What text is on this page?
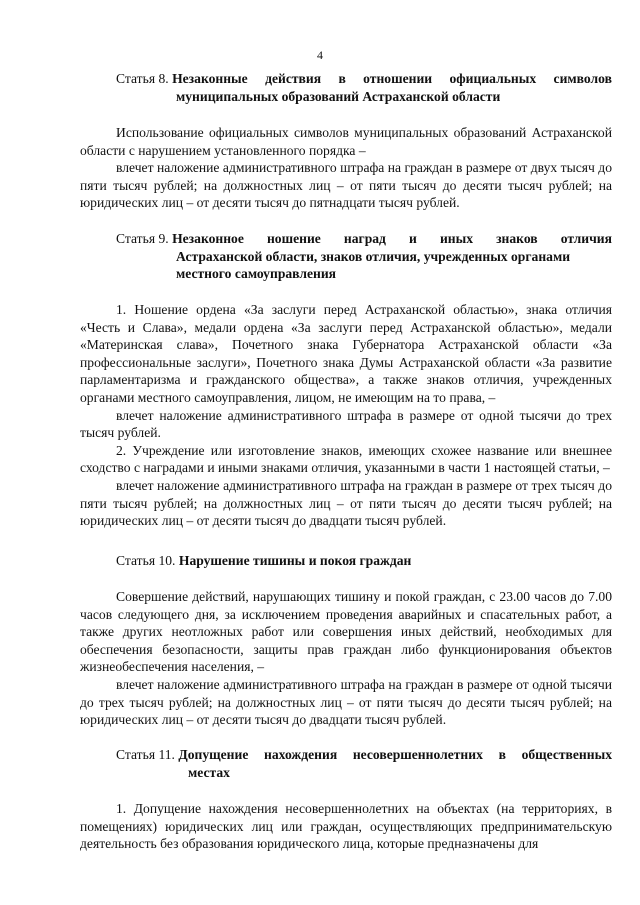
4
Статья 8.
Незаконные действия в отношении официальных символов
муниципальных образований Астраханской области

Использование официальных символов муниципальных образований Астраханской области с нарушением установленного порядка –

влечет наложение административного штрафа на граждан в размере от двух тысяч до пяти тысяч рублей; на должностных лиц – от пяти тысяч до десяти тысяч рублей; на юридических лиц – от десяти тысяч до пятнадцати тысяч рублей.

Статья 9.
Незаконное ношение наград и иных знаков отличия
Астраханской области, знаков отличия, учрежденных органами
местного самоуправления

1. Ношение ордена «За заслуги перед Астраханской областью», знака отличия «Честь и Слава», медали ордена «За заслуги перед Астраханской областью», медали «Материнская слава», Почетного знака Губернатора Астраханской области «За профессиональные заслуги», Почетного знака Думы Астраханской области «За развитие парламентаризма и гражданского общества», а также знаков отличия, учрежденных органами местного самоуправления, лицом, не имеющим на то права, –

влечет наложение административного штрафа в размере от одной тысячи до трех тысяч рублей.

2. Учреждение или изготовление знаков, имеющих схожее название или внешнее сходство с наградами и иными знаками отличия, указанными в части 1 настоящей статьи, –

влечет наложение административного штрафа на граждан в размере от трех тысяч до пяти тысяч рублей; на должностных лиц – от пяти тысяч до десяти тысяч рублей; на юридических лиц – от десяти тысяч до двадцати тысяч рублей.

Статья 10. Нарушение тишины и покоя граждан

Совершение действий, нарушающих тишину и покой граждан, с 23.00 часов до 7.00 часов следующего дня, за исключением проведения аварийных и спасательных работ, а также других неотложных работ или совершения иных действий, необходимых для обеспечения безопасности, защиты прав граждан либо функционирования объектов жизнеобеспечения населения, –

влечет наложение административного штрафа на граждан в размере от одной тысячи до трех тысяч рублей; на должностных лиц – от пяти тысяч до десяти тысяч рублей; на юридических лиц – от десяти тысяч до двадцати тысяч рублей.

Статья 11.
Допущение нахождения несовершеннолетних в общественных
местах

1. Допущение нахождения несовершеннолетних на объектах (на территориях, в помещениях) юридических лиц или граждан, осуществляющих предпринимательскую деятельность без образования юридического лица, которые предназначены для
